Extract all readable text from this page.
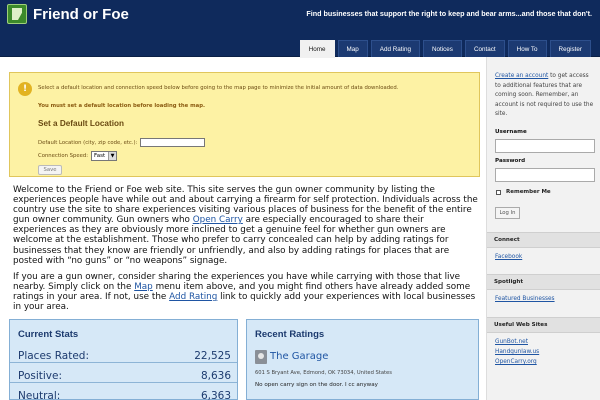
Friend or Foe	Find businesses that support the right to keep and bear arms...and those that don't.
Home	Map	Add Rating	Notices	Contact	How To	Register
!	Select a default location and connection speed below before going to the map page to minimize the initial amount of data downloaded.
You must set a default location before loading the map.
Set a Default Location
Default Location (city, zip code, etc.):
Connection Speed: Fast	▼
Save
Welcome to the Friend or Foe web site. This site serves the gun owner community by listing the experiences people have while out and about carrying a firearm for self protection. Individuals across the country use the site to share experiences visiting various places of business for the benefit of the entire gun owner community. Gun owners who Open Carry are especially encouraged to share their experiences as they are obviously more inclined to get a genuine feel for whether gun owners are welcome at the establishment. Those who prefer to carry concealed can help by adding ratings for businesses that they know are friendly or unfriendly, and also by adding ratings for places that are posted with “no guns” or “no weapons” signage.
If you are a gun owner, consider sharing the experiences you have while carrying with those that live nearby. Simply click on the Map menu item above, and you might find others have already added some ratings in your area. If not, use the Add Rating link to quickly add your experiences with local businesses in your area.
Current Stats
Places Rated:	22,525
Positive:	8,636
Neutral:	6,363
Recent Ratings
The Garage
601 S Bryant Ave, Edmond, OK 73034, United States
No open carry sign on the door. I cc anyway
Create an account to get access to additional features that are coming soon. Remember, an account is not required to use the site.
Username
Password
Remember Me
Log In
Connect
Facebook
Spotlight
Featured Businesses
Useful Web Sites
GunBot.net
Handgunlaw.us
OpenCarry.org
